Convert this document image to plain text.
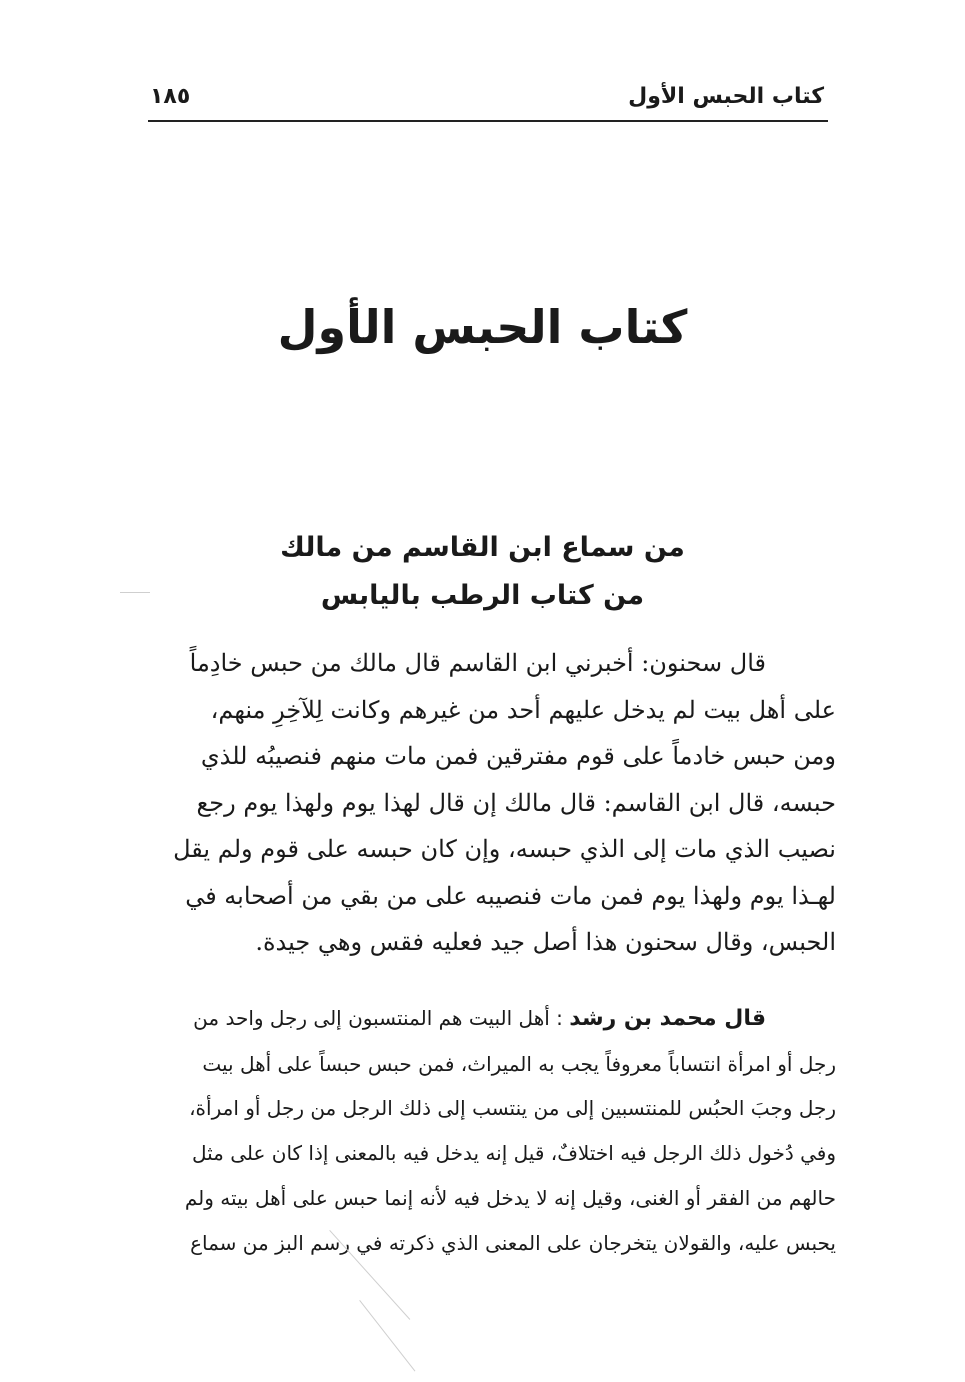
كتاب الحبس الأول
١٨٥
كتاب الحبس الأول
من سماع ابن القاسم من مالك
من كتاب الرطب باليابس
قال سحنون: أخبرني ابن القاسم قال مالك من حبس خادِماً
على أهل بيت لم يدخل عليهم أحد من غيرهم وكانت لِلآخِرِ منهم،
ومن حبس خادماً على قوم مفترقين فمن مات منهم فنصيبُه للذي
حبسه، قال ابن القاسم: قال مالك إن قال لهذا يوم ولهذا يوم رجع
نصيب الذي مات إلى الذي حبسه، وإن كان حبسه على قوم ولم يقل
لهـذا يوم ولهذا يوم فمن مات فنصيبه على من بقي من أصحابه في
الحبس، وقال سحنون هذا أصل جيد فعليه فقس وهي جيدة.
قال محمد بن رشد : أهل البيت هم المنتسبون إلى رجل واحد من
رجل أو امرأة انتساباً معروفاً يجب به الميراث، فمن حبس حبساً على أهل بيت
رجل وجبَ الحبُس للمنتسبين إلى من ينتسب إلى ذلك الرجل من رجل أو امرأة،
وفي دُخول ذلك الرجل فيه اختلافٌ، قيل إنه يدخل فيه بالمعنى إذا كان على مثل
حالهم من الفقر أو الغنى، وقيل إنه لا يدخل فيه لأنه إنما حبس على أهل بيته ولم
يحبس عليه، والقولان يتخرجان على المعنى الذي ذكرته في رسم البز من سماع
